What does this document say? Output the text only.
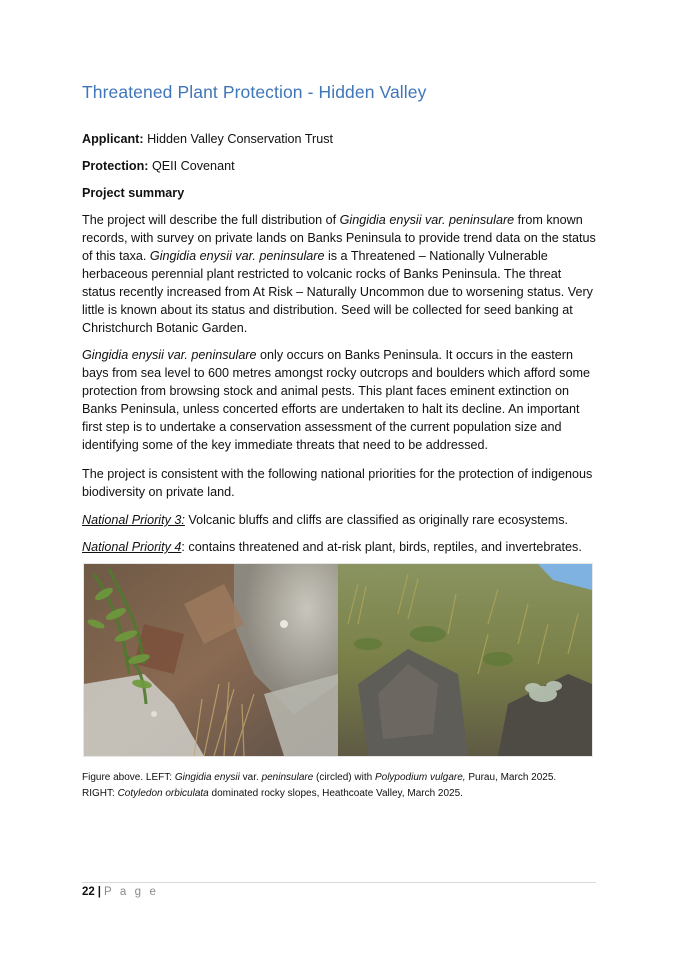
Threatened Plant Protection - Hidden Valley
Applicant: Hidden Valley Conservation Trust
Protection: QEII Covenant
Project summary

The project will describe the full distribution of Gingidia enysii var. peninsulare from known records, with survey on private lands on Banks Peninsula to provide trend data on the status of this taxa. Gingidia enysii var. peninsulare is a Threatened – Nationally Vulnerable herbaceous perennial plant restricted to volcanic rocks of Banks Peninsula. The threat status recently increased from At Risk – Naturally Uncommon due to worsening status. Very little is known about its status and distribution. Seed will be collected for seed banking at Christchurch Botanic Garden.

Gingidia enysii var. peninsulare only occurs on Banks Peninsula. It occurs in the eastern bays from sea level to 600 metres amongst rocky outcrops and boulders which afford some protection from browsing stock and animal pests. This plant faces eminent extinction on Banks Peninsula, unless concerted efforts are undertaken to halt its decline. An important first step is to undertake a conservation assessment of the current population size and identifying some of the key immediate threats that need to be addressed.

The project is consistent with the following national priorities for the protection of indigenous biodiversity on private land.

National Priority 3: Volcanic bluffs and cliffs are classified as originally rare ecosystems.

National Priority 4: contains threatened and at-risk plant, birds, reptiles, and invertebrates.

Figure above. LEFT: Gingidia enysii var. peninsulare (circled) with Polypodium vulgare, Purau, March 2025.
RIGHT: Cotyledon orbiculata dominated rocky slopes, Heathcoate Valley, March 2025.

22 | P a g e
